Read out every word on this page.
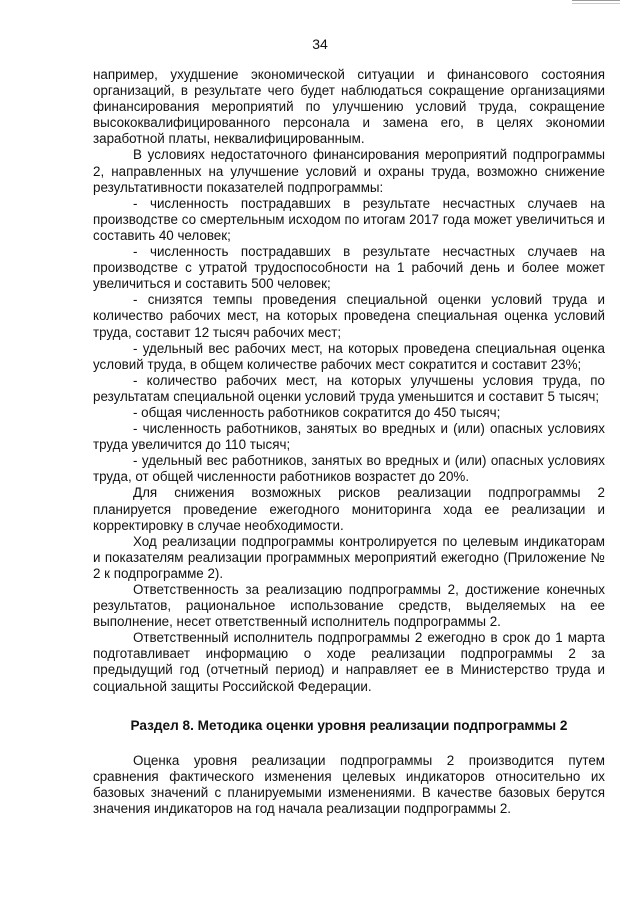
34

например, ухудшение экономической ситуации и финансового состояния организаций, в результате чего будет наблюдаться сокращение организациями финансирования мероприятий по улучшению условий труда, сокращение высококвалифицированного персонала и замена его, в целях экономии заработной платы, неквалифицированным.

В условиях недостаточного финансирования мероприятий подпрограммы 2, направленных на улучшение условий и охраны труда, возможно снижение результативности показателей подпрограммы:

- численность пострадавших в результате несчастных случаев на производстве со смертельным исходом по итогам 2017 года может увеличиться и составить 40 человек;

- численность пострадавших в результате несчастных случаев на производстве с утратой трудоспособности на 1 рабочий день и более может увеличиться и составить 500 человек;

- снизятся темпы проведения специальной оценки условий труда и количество рабочих мест, на которых проведена специальная оценка условий труда, составит 12 тысяч рабочих мест;

- удельный вес рабочих мест, на которых проведена специальная оценка условий труда, в общем количестве рабочих мест сократится и составит 23%;

- количество рабочих мест, на которых улучшены условия труда, по результатам специальной оценки условий труда уменьшится и составит 5 тысяч;

- общая численность работников сократится до 450 тысяч;

- численность работников, занятых во вредных и (или) опасных условиях труда увеличится до 110 тысяч;

- удельный вес работников, занятых во вредных и (или) опасных условиях труда, от общей численности работников возрастет до 20%.

Для снижения возможных рисков реализации подпрограммы 2 планируется проведение ежегодного мониторинга хода ее реализации и корректировку в случае необходимости.

Ход реализации подпрограммы контролируется по целевым индикаторам и показателям реализации программных мероприятий ежегодно (Приложение № 2 к подпрограмме 2).

Ответственность за реализацию подпрограммы 2, достижение конечных результатов, рациональное использование средств, выделяемых на ее выполнение, несет ответственный исполнитель подпрограммы 2.

Ответственный исполнитель подпрограммы 2 ежегодно в срок до 1 марта подготавливает информацию о ходе реализации подпрограммы 2 за предыдущий год (отчетный период) и направляет ее в Министерство труда и социальной защиты Российской Федерации.

Раздел 8. Методика оценки уровня реализации подпрограммы 2

Оценка уровня реализации подпрограммы 2 производится путем сравнения фактического изменения целевых индикаторов относительно их базовых значений с планируемыми изменениями. В качестве базовых берутся значения индикаторов на год начала реализации подпрограммы 2.
